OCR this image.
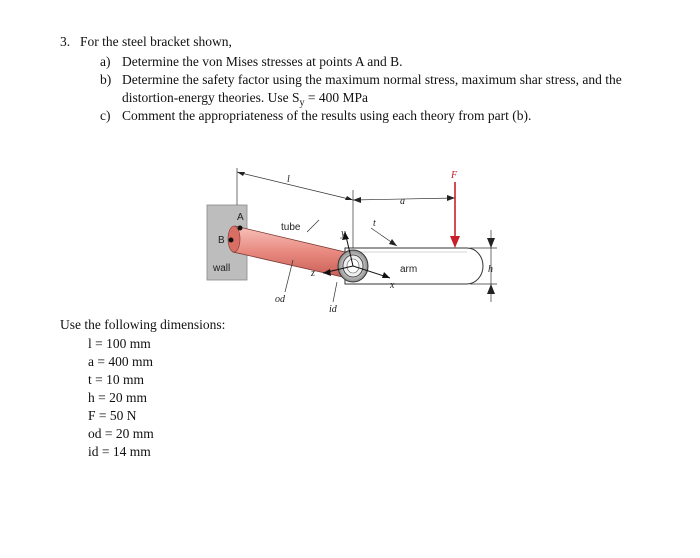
3. For the steel bracket shown,
a) Determine the von Mises stresses at points A and B.
b) Determine the safety factor using the maximum normal stress, maximum shar stress, and the
distortion-energy theories. Use $S_y = 400$ MPa
c) Comment the appropriateness of the results using each theory from part (b).
wall
l
a
tube
A
B
arm
y
x
z
t
F
h
od
id
Use the following dimensions:
l = 100 mm
a = 400 mm
t = 10 mm
h = 20 mm
F = 50 N
od = 20 mm
id = 14 mm
